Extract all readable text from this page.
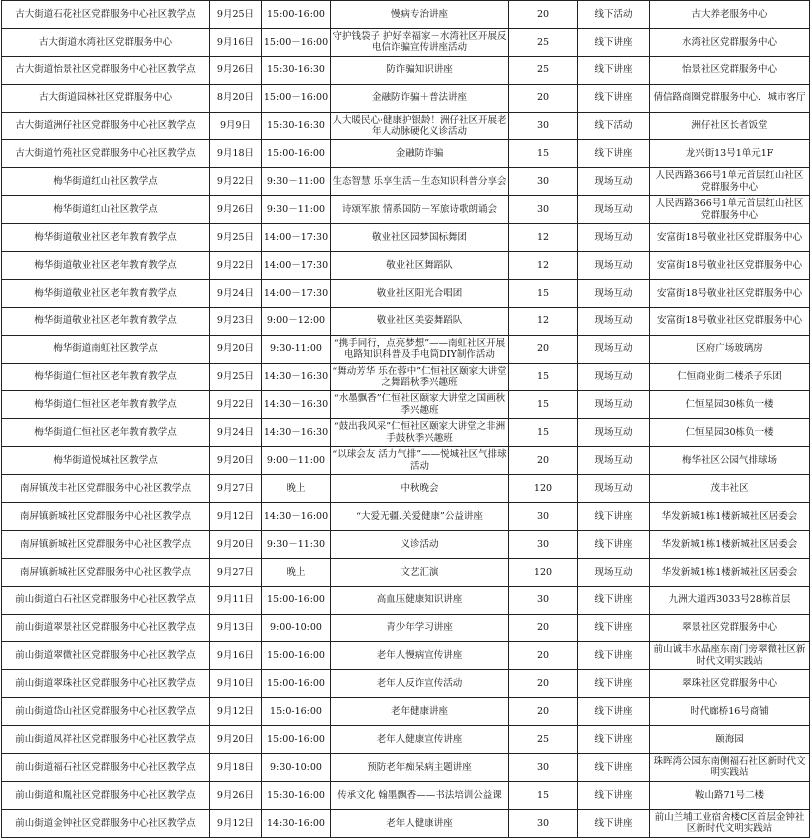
古大街道石花社区党群服务中心社区教学点	9月25日	15:00-16:00	慢病专治讲座	20	线下活动	古大养老服务中心
古大街道水湾社区党群服务中心	9月16日	15:00－16:00	守护钱袋子 护好幸福家－水湾社区开展反电信诈骗宣传讲座活动	25	线下讲座	水湾社区党群服务中心
古大街道怡景社区党群服务中心社区教学点	9月26日	15:30-16:30	防诈骗知识讲座	25	线下讲座	怡景社区党群服务中心
古大街道园林社区党群服务中心	8月20日	15:00－16:00	金融防诈骗＋普法讲座	20	线下讲座	倩信路商圈党群服务中心．城市客厅
古大街道洲仔社区党群服务中心社区教学点	9月9日	15:30-16:30	人大暖民心·健康护银龄！洲仔社区开展老年人动脉硬化义诊活动	30	线下活动	洲仔社区长者饭堂
古大街道竹苑社区党群服务中心社区教学点	9月18日	15:00-16:00	金融防诈骗	15	线下讲座	龙兴街13号1单元1F
梅华街道红山社区教学点	9月22日	9:30－11:00	生态智慧 乐享生活－生态知识科普分享会	30	现场互动	人民西路366号1单元首层红山社区党群服务中心
梅华街道红山社区教学点	9月26日	9:30－11:00	诗颂军旅 情系国防－军旅诗歌朗诵会	30	现场互动	人民西路366号1单元首层红山社区党群服务中心
梅华街道敬业社区老年教育教学点	9月25日	14:00－17:30	敬业社区园梦国标舞团	12	现场互动	安富街18号敬业社区党群服务中心
梅华街道敬业社区老年教育教学点	9月22日	14:00－17:30	敬业社区舞蹈队	12	现场互动	安富街18号敬业社区党群服务中心
梅华街道敬业社区老年教育教学点	9月24日	14:00－17:30	敬业社区阳光合唱团	15	现场互动	安富街18号敬业社区党群服务中心
梅华街道敬业社区老年教育教学点	9月23日	9:00－12:00	敬业社区美姿舞蹈队	12	现场互动	安富街18号敬业社区党群服务中心
梅华街道南虹社区教学点	9月20日	9:30-11:00	“携手同行，点亮梦想”——南虹社区开展电路知识科普及手电筒DIY制作活动	20	现场互动	区府广场玻璃房
梅华街道仁恒社区老年教育教学点	9月25日	14:30－16:30	“舞动芳华 乐在蓉中”仁恒社区颐家大讲堂之舞蹈秋季兴趣班	15	现场互动	仁恒商业街二楼杀子乐团
梅华街道仁恒社区老年教育教学点	9月22日	14:30－16:30	“水墨飘香”仁恒社区颐家大讲堂之国画秋季兴趣班	15	现场互动	仁恒星园30栋负一楼
梅华街道仁恒社区老年教育教学点	9月24日	14:30－16:30	“鼓出我风采”仁恒社区颐家大讲堂之非洲手鼓秋季兴趣班	15	现场互动	仁恒星园30栋负一楼
梅华街道悦城社区教学点	9月20日	9:00－11:00	“以球会友 活力气排”——悦城社区气排球活动	20	现场互动	梅华社区公园气排球场
南屏镇茂丰社区党群服务中心社区教学点	9月27日	晚上	中秋晚会	120	现场互动	茂丰社区
南屏镇新城社区党群服务中心社区教学点	9月12日	14:30－16:00	“大爱无疆.关爱健康”公益讲座	30	线下讲座	华发新城1栋1楼新城社区居委会
南屏镇新城社区党群服务中心社区教学点	9月20日	9:30－11:30	义诊活动	30	线下讲座	华发新城1栋1楼新城社区居委会
南屏镇新城社区党群服务中心社区教学点	9月27日	晚上	文艺汇演	120	现场互动	华发新城1栋1楼新城社区居委会
前山街道白石社区党群服务中心社区教学点	9月11日	15:00-16:00	高血压健康知识讲座	30	线下讲座	九洲大道西3033号28栋首层
前山街道翠景社区党群服务中心社区教学点	9月13日	9:00-10:00	青少年学习讲座	20	线下讲座	翠景社区党群服务中心
前山街道翠微社区党群服务中心社区教学点	9月16日	15:00-16:00	老年人慢病宣传讲座	20	线下讲座	前山诚丰水晶座东南门旁翠微社区新时代文明实践站
前山街道翠珠社区党群服务中心社区教学点	9月10日	15:00-16:00	老年人反诈宣传活动	20	线下讲座	翠珠社区党群服务中心
前山街道岱山社区党群服务中心社区教学点	9月12日	15:0-16:00	老年健康讲座	20	线下讲座	时代廊桥16号商铺
前山街道凤祥社区党群服务中心社区教学点	9月20日	15:00-16:00	老年人健康宣传讲座	25	线下讲座	颐海园
前山街道福石社区党群服务中心社区教学点	9月18日	9:30-10:00	预防老年痴呆病主题讲座	30	线下讲座	珠晖湾公园东南侧福石社区新时代文明实践站
前山街道和胤社区党群服务中心社区教学点	9月26日	15:30-16:00	传承文化 翰墨飘香——书法培训公益课	15	线下讲座	鞍山路71号二楼
前山街道金钟社区党群服务中心社区教学点	9月12日	14:30-16:00	老年人健康讲座	30	线下讲座	前山兰埔工业宿舍楼C区首层金钟社区新时代文明实践站
